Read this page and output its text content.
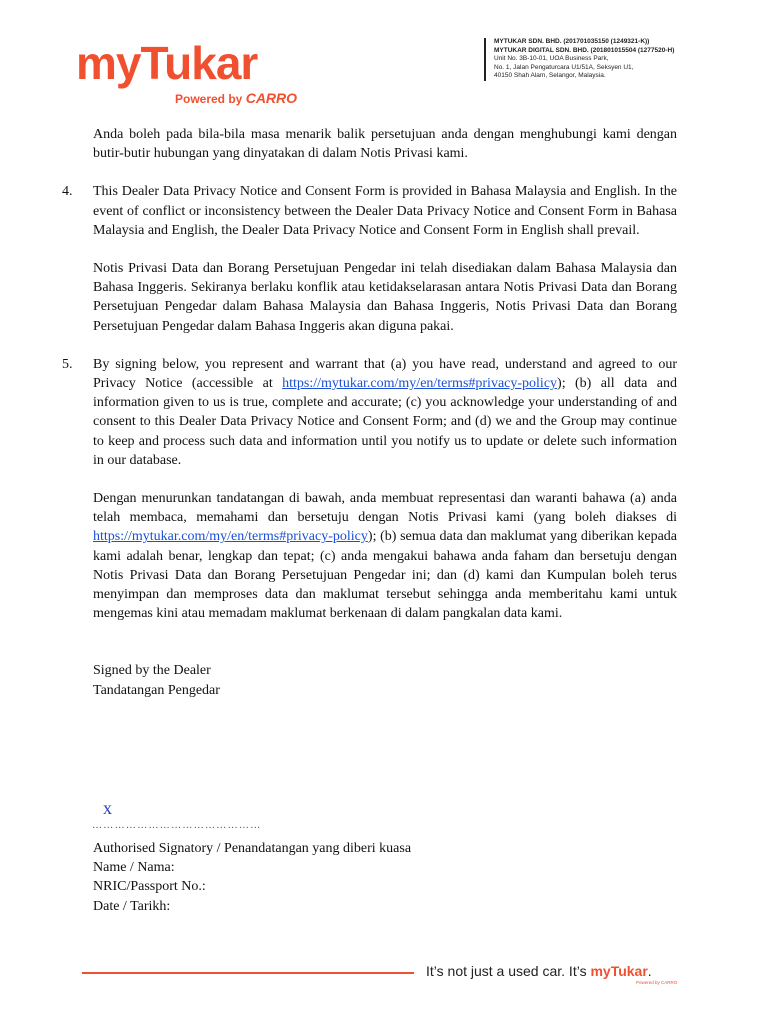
myTukar
Powered by CARRO
MYTUKAR SDN. BHD. (201701035150 (1249321-K))
MYTUKAR DIGITAL SDN. BHD. (201801015504 (1277520-H)
Unit No. 3B-10-01, UOA Business Park,
No. 1, Jalan Pengaturcara U1/51A, Seksyen U1,
40150 Shah Alam, Selangor, Malaysia.

Anda boleh pada bila-bila masa menarik balik persetujuan anda dengan menghubungi kami dengan butir-butir hubungan yang dinyatakan di dalam Notis Privasi kami.

4. This Dealer Data Privacy Notice and Consent Form is provided in Bahasa Malaysia and English. In the event of conflict or inconsistency between the Dealer Data Privacy Notice and Consent Form in Bahasa Malaysia and English, the Dealer Data Privacy Notice and Consent Form in English shall prevail.

Notis Privasi Data dan Borang Persetujuan Pengedar ini telah disediakan dalam Bahasa Malaysia dan Bahasa Inggeris. Sekiranya berlaku konflik atau ketidakselarasan antara Notis Privasi Data dan Borang Persetujuan Pengedar dalam Bahasa Malaysia dan Bahasa Inggeris, Notis Privasi Data dan Borang Persetujuan Pengedar dalam Bahasa Inggeris akan diguna pakai.

5. By signing below, you represent and warrant that (a) you have read, understand and agreed to our Privacy Notice (accessible at https://mytukar.com/my/en/terms#privacy-policy); (b) all data and information given to us is true, complete and accurate; (c) you acknowledge your understanding of and consent to this Dealer Data Privacy Notice and Consent Form; and (d) we and the Group may continue to keep and process such data and information until you notify us to update or delete such information in our database.

Dengan menurunkan tandatangan di bawah, anda membuat representasi dan waranti bahawa (a) anda telah membaca, memahami dan bersetuju dengan Notis Privasi kami (yang boleh diakses di https://mytukar.com/my/en/terms#privacy-policy); (b) semua data dan maklumat yang diberikan kepada kami adalah benar, lengkap dan tepat; (c) anda mengakui bahawa anda faham dan bersetuju dengan Notis Privasi Data dan Borang Persetujuan Pengedar ini; dan (d) kami dan Kumpulan boleh terus menyimpan dan memproses data dan maklumat tersebut sehingga anda memberitahu kami untuk mengemas kini atau memadam maklumat berkenaan di dalam pangkalan data kami.

Signed by the Dealer

Tandatangan Pengedar

x
………………………………………
Authorised Signatory / Penandatangan yang diberi kuasa
Name / Nama:
NRIC/Passport No.:
Date / Tarikh:
It’s not just a used car. It’s myTukar.
Powered by CARRO
